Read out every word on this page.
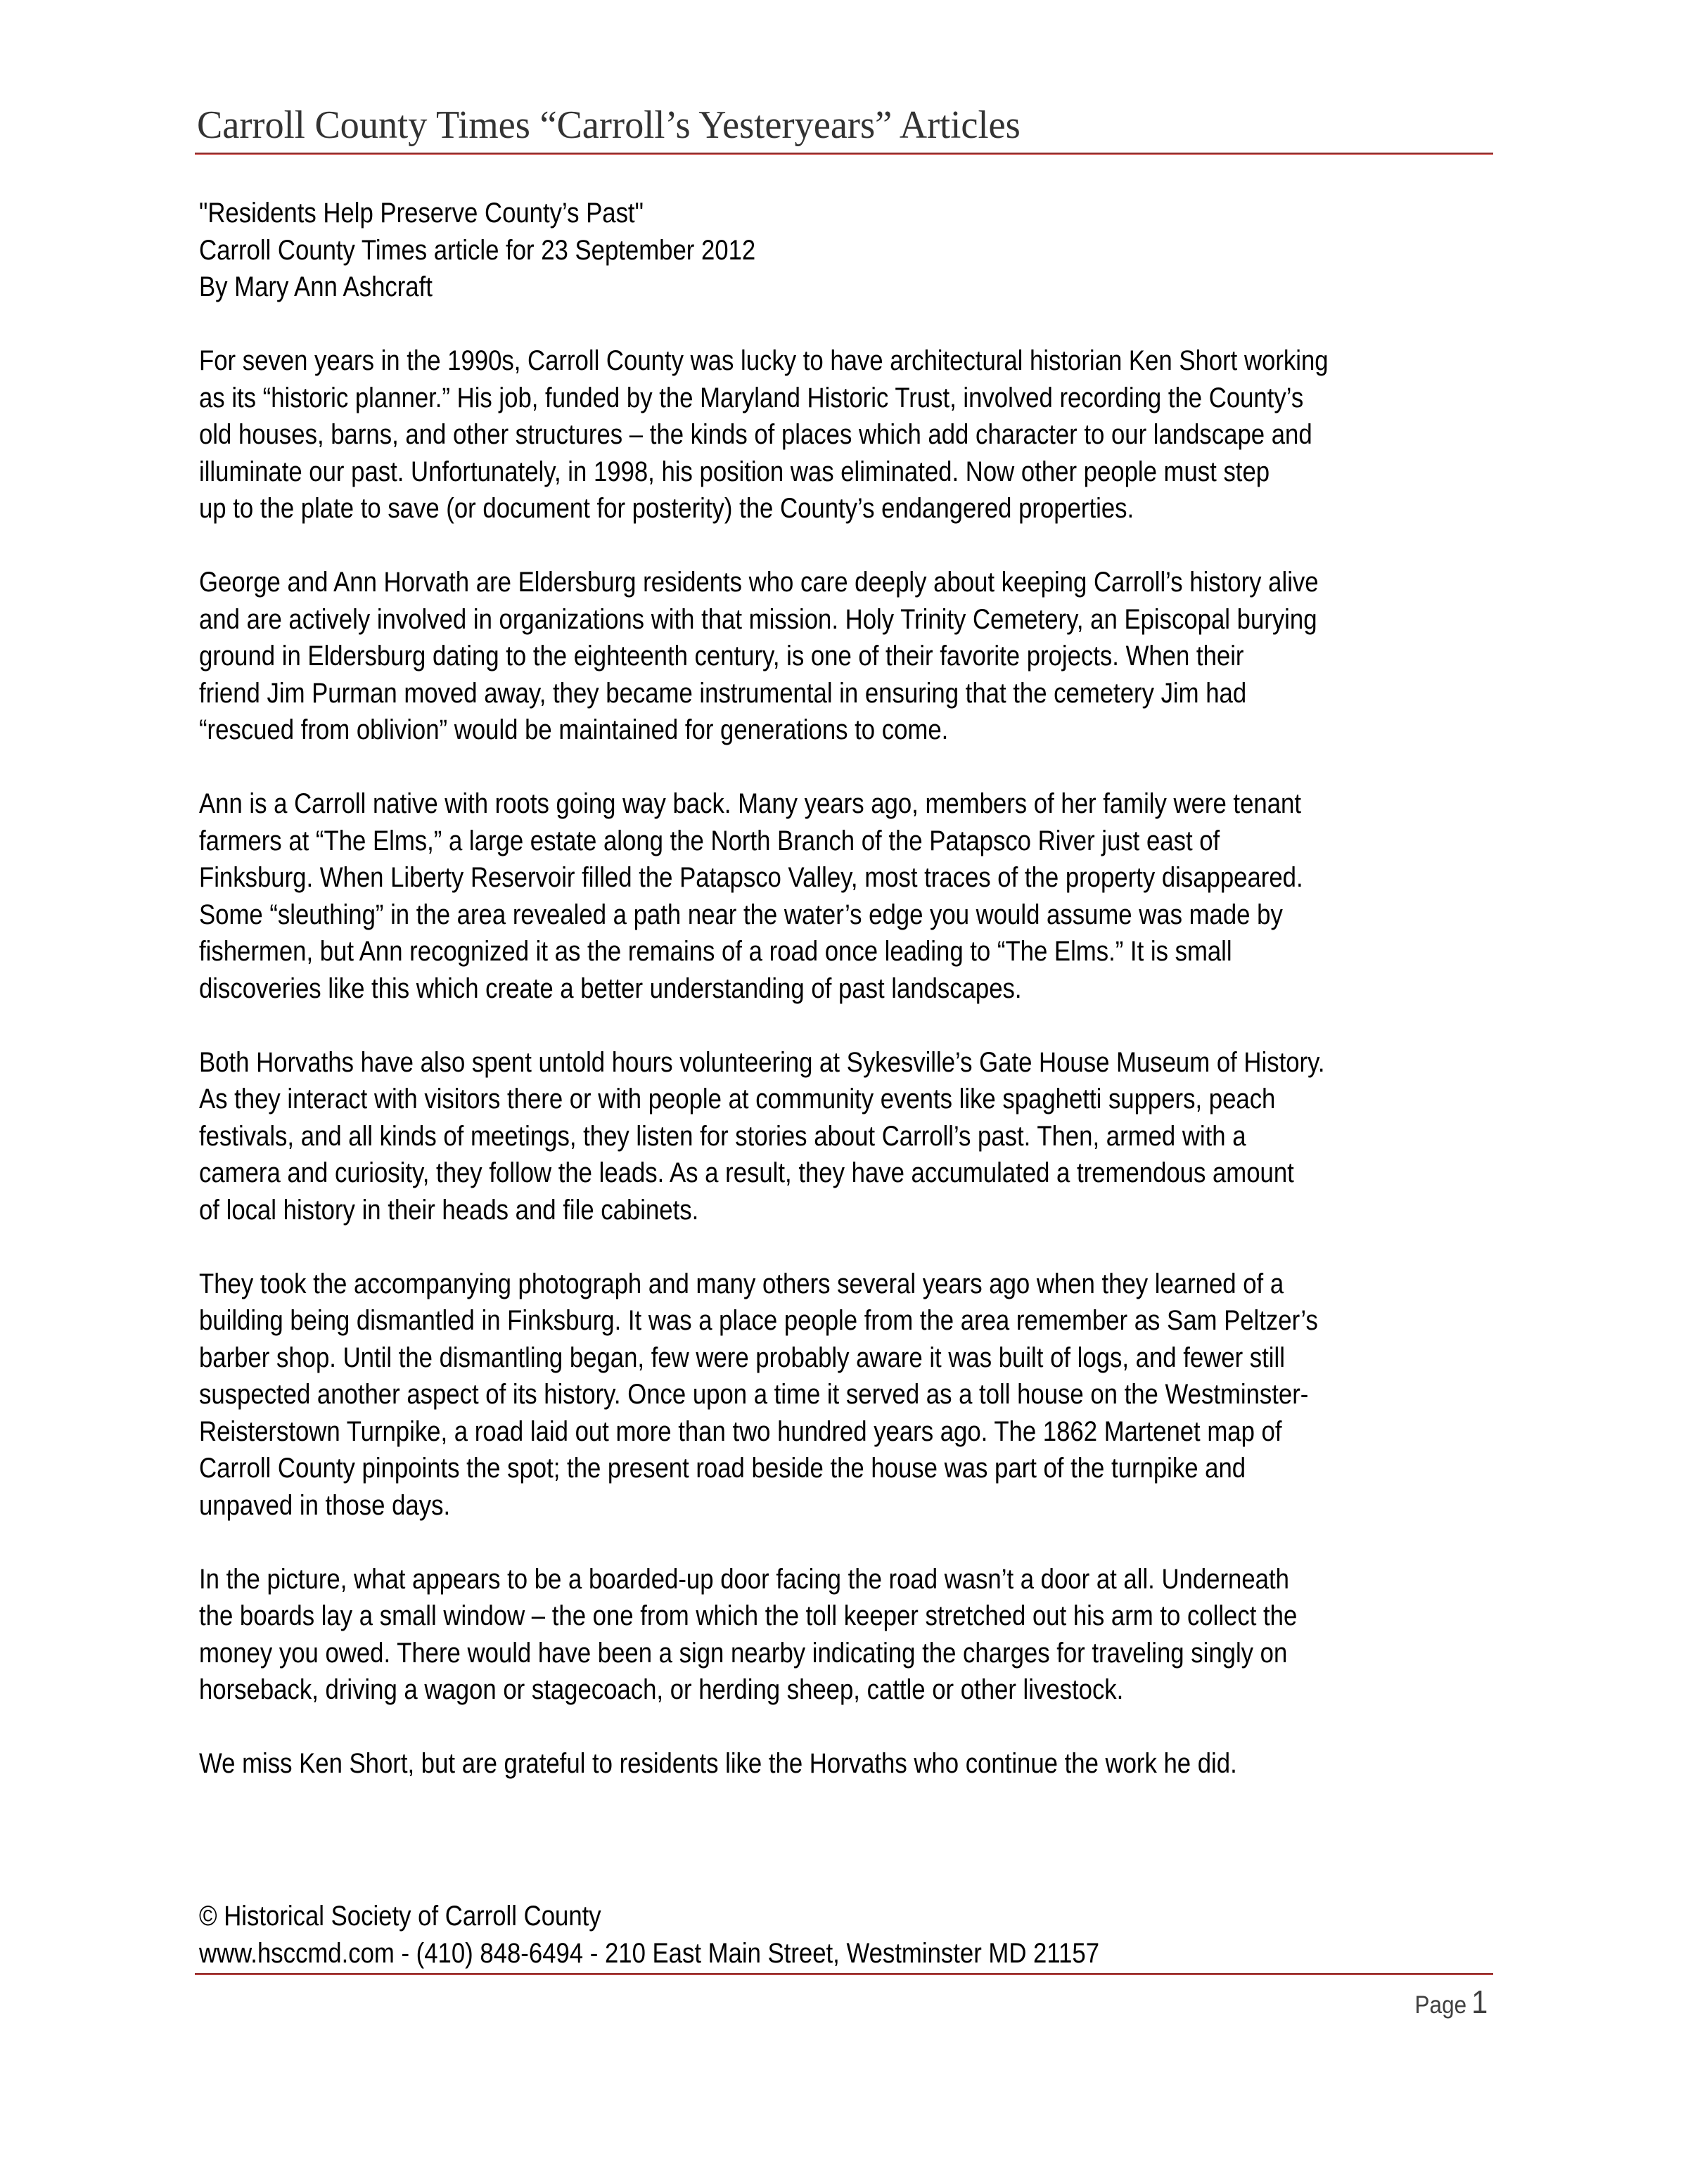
Carroll County Times “Carroll’s Yesteryears” Articles
"Residents Help Preserve County’s Past"
Carroll County Times article for 23 September 2012
By Mary Ann Ashcraft
For seven years in the 1990s, Carroll County was lucky to have architectural historian Ken Short working
as its “historic planner.” His job, funded by the Maryland Historic Trust, involved recording the County’s
old houses, barns, and other structures – the kinds of places which add character to our landscape and
illuminate our past. Unfortunately, in 1998, his position was eliminated. Now other people must step
up to the plate to save (or document for posterity) the County’s endangered properties.
George and Ann Horvath are Eldersburg residents who care deeply about keeping Carroll’s history alive
and are actively involved in organizations with that mission. Holy Trinity Cemetery, an Episcopal burying
ground in Eldersburg dating to the eighteenth century, is one of their favorite projects. When their
friend Jim Purman moved away, they became instrumental in ensuring that the cemetery Jim had
“rescued from oblivion” would be maintained for generations to come.
Ann is a Carroll native with roots going way back. Many years ago, members of her family were tenant
farmers at “The Elms,” a large estate along the North Branch of the Patapsco River just east of
Finksburg. When Liberty Reservoir filled the Patapsco Valley, most traces of the property disappeared.
Some “sleuthing” in the area revealed a path near the water’s edge you would assume was made by
fishermen, but Ann recognized it as the remains of a road once leading to “The Elms.” It is small
discoveries like this which create a better understanding of past landscapes.
Both Horvaths have also spent untold hours volunteering at Sykesville’s Gate House Museum of History.
As they interact with visitors there or with people at community events like spaghetti suppers, peach
festivals, and all kinds of meetings, they listen for stories about Carroll’s past. Then, armed with a
camera and curiosity, they follow the leads. As a result, they have accumulated a tremendous amount
of local history in their heads and file cabinets.
They took the accompanying photograph and many others several years ago when they learned of a
building being dismantled in Finksburg. It was a place people from the area remember as Sam Peltzer’s
barber shop. Until the dismantling began, few were probably aware it was built of logs, and fewer still
suspected another aspect of its history. Once upon a time it served as a toll house on the Westminster-
Reisterstown Turnpike, a road laid out more than two hundred years ago. The 1862 Martenet map of
Carroll County pinpoints the spot; the present road beside the house was part of the turnpike and
unpaved in those days.
In the picture, what appears to be a boarded-up door facing the road wasn’t a door at all. Underneath
the boards lay a small window – the one from which the toll keeper stretched out his arm to collect the
money you owed. There would have been a sign nearby indicating the charges for traveling singly on
horseback, driving a wagon or stagecoach, or herding sheep, cattle or other livestock.
We miss Ken Short, but are grateful to residents like the Horvaths who continue the work he did.
© Historical Society of Carroll County
www.hsccmd.com - (410) 848-6494 - 210 East Main Street, Westminster MD 21157
Page 1
